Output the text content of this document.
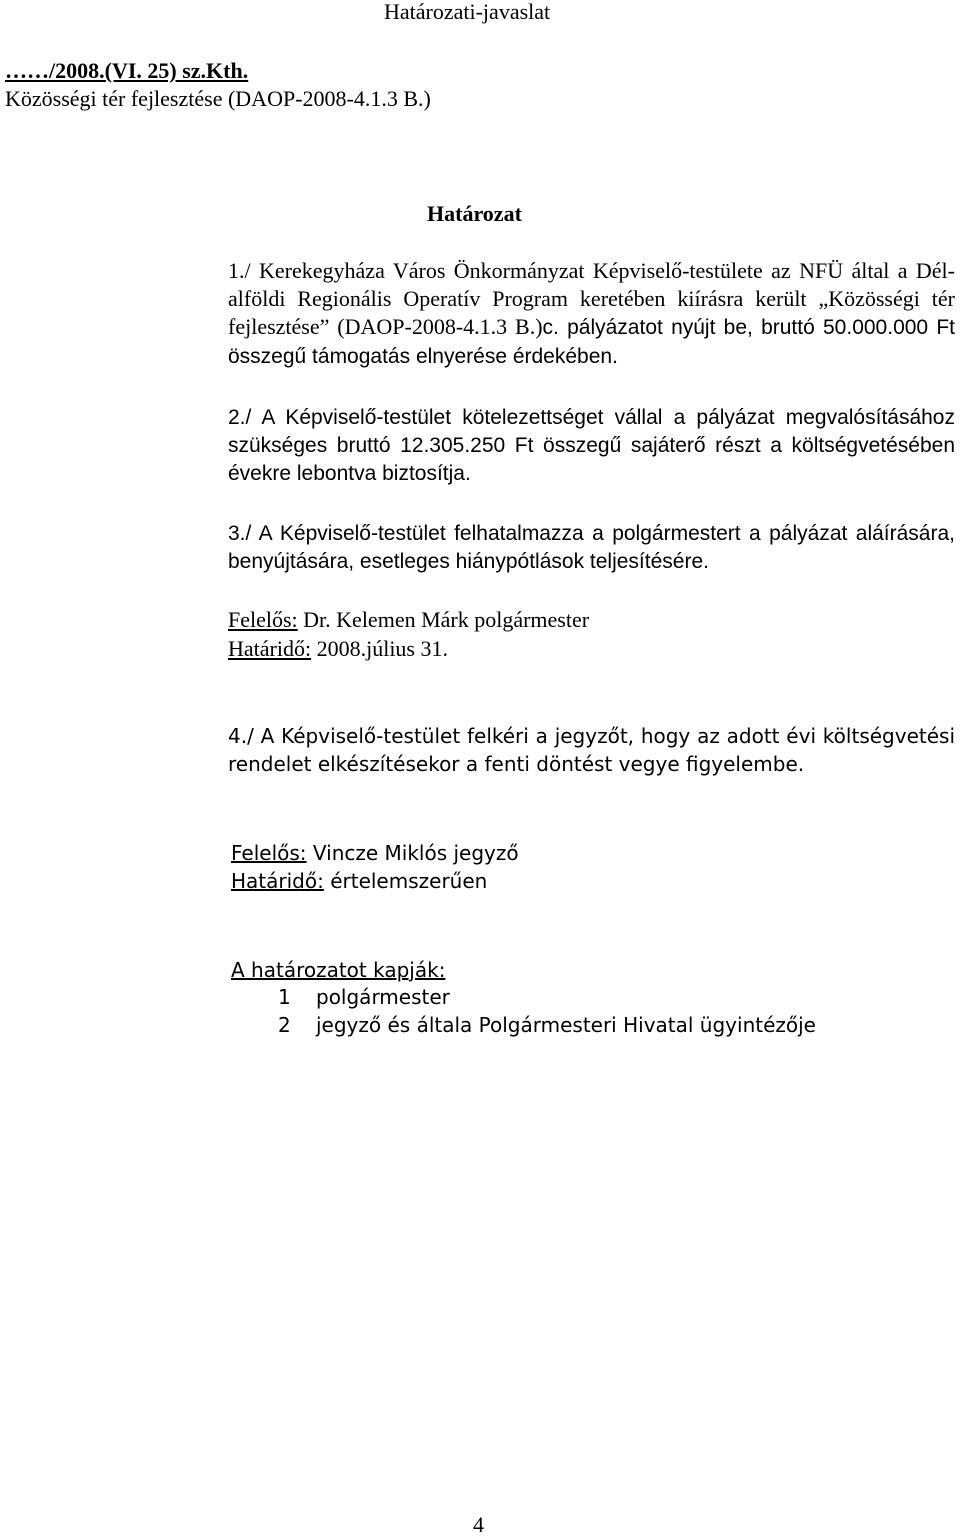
Határozati-javaslat
……/2008.(VI. 25) sz.Kth.
Közösségi tér fejlesztése (DAOP-2008-4.1.3 B.)
Határozat
1./ Kerekegyháza Város Önkormányzat Képviselő-testülete az NFÜ által a Dél-alföldi Regionális Operatív Program keretében kiírásra került „Közösségi tér fejlesztése” (DAOP-2008-4.1.3 B.)c. pályázatot nyújt be, bruttó 50.000.000 Ft összegű támogatás elnyerése érdekében.
2./ A Képviselő-testület kötelezettséget vállal a pályázat megvalósításához szükséges bruttó 12.305.250 Ft összegű sajáterő részt a költségvetésében évekre lebontva biztosítja.
3./ A Képviselő-testület felhatalmazza a polgármestert a pályázat aláírására, benyújtására, esetleges hiánypótlások teljesítésére.
Felelős: Dr. Kelemen Márk polgármester
Határidő: 2008.július 31.
4./ A Képviselő-testület felkéri a jegyzőt, hogy az adott évi költségvetési rendelet elkészítésekor a fenti döntést vegye figyelembe.
Felelős: Vincze Miklós jegyző
Határidő: értelemszerűen
A határozatot kapják:
1 polgármester
2 jegyző és általa Polgármesteri Hivatal ügyintézője
4
